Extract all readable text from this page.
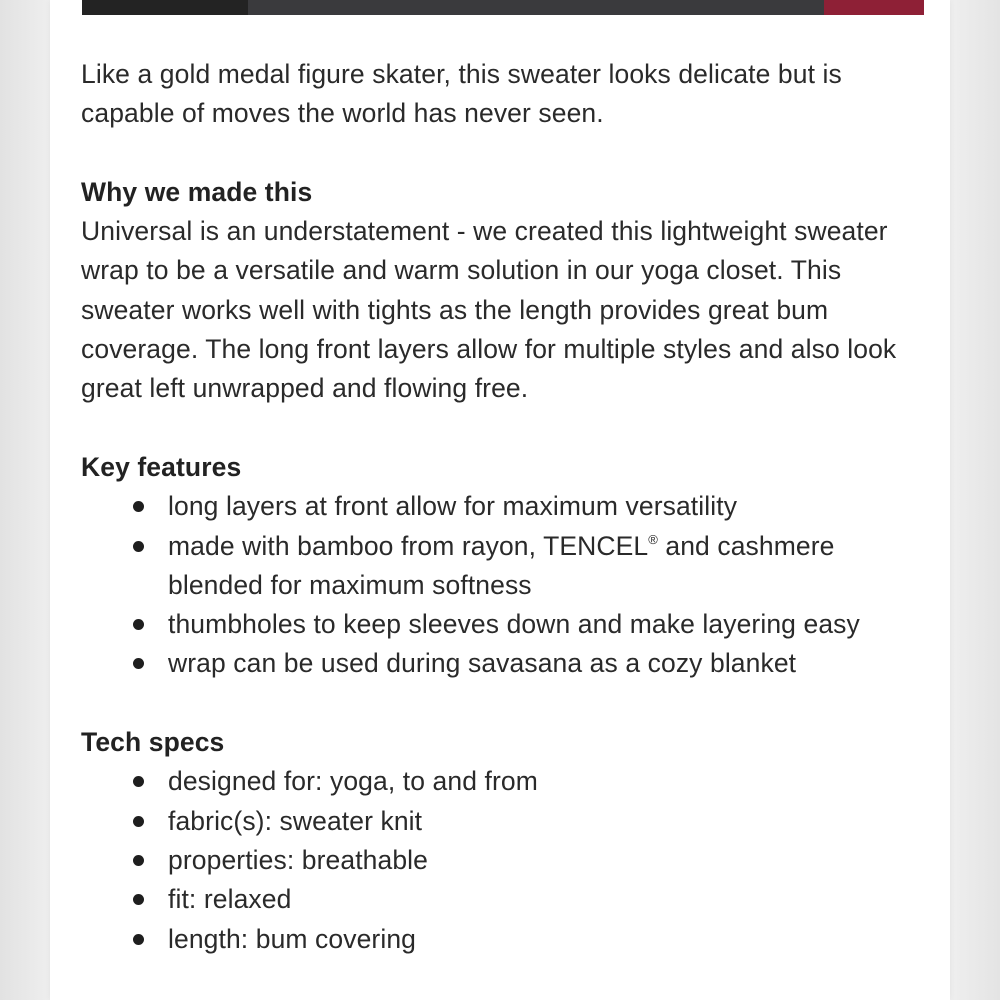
Like a gold medal figure skater, this sweater looks delicate but is capable of moves the world has never seen.

Why we made this

Universal is an understatement - we created this lightweight sweater wrap to be a versatile and warm solution in our yoga closet. This sweater works well with tights as the length provides great bum coverage. The long front layers allow for multiple styles and also look great left unwrapped and flowing free.

Key features

long layers at front allow for maximum versatility
made with bamboo from rayon, TENCEL® and cashmere blended for maximum softness
thumbholes to keep sleeves down and make layering easy
wrap can be used during savasana as a cozy blanket

Tech specs

designed for: yoga, to and from
fabric(s): sweater knit
properties: breathable
fit: relaxed
length: bum covering
